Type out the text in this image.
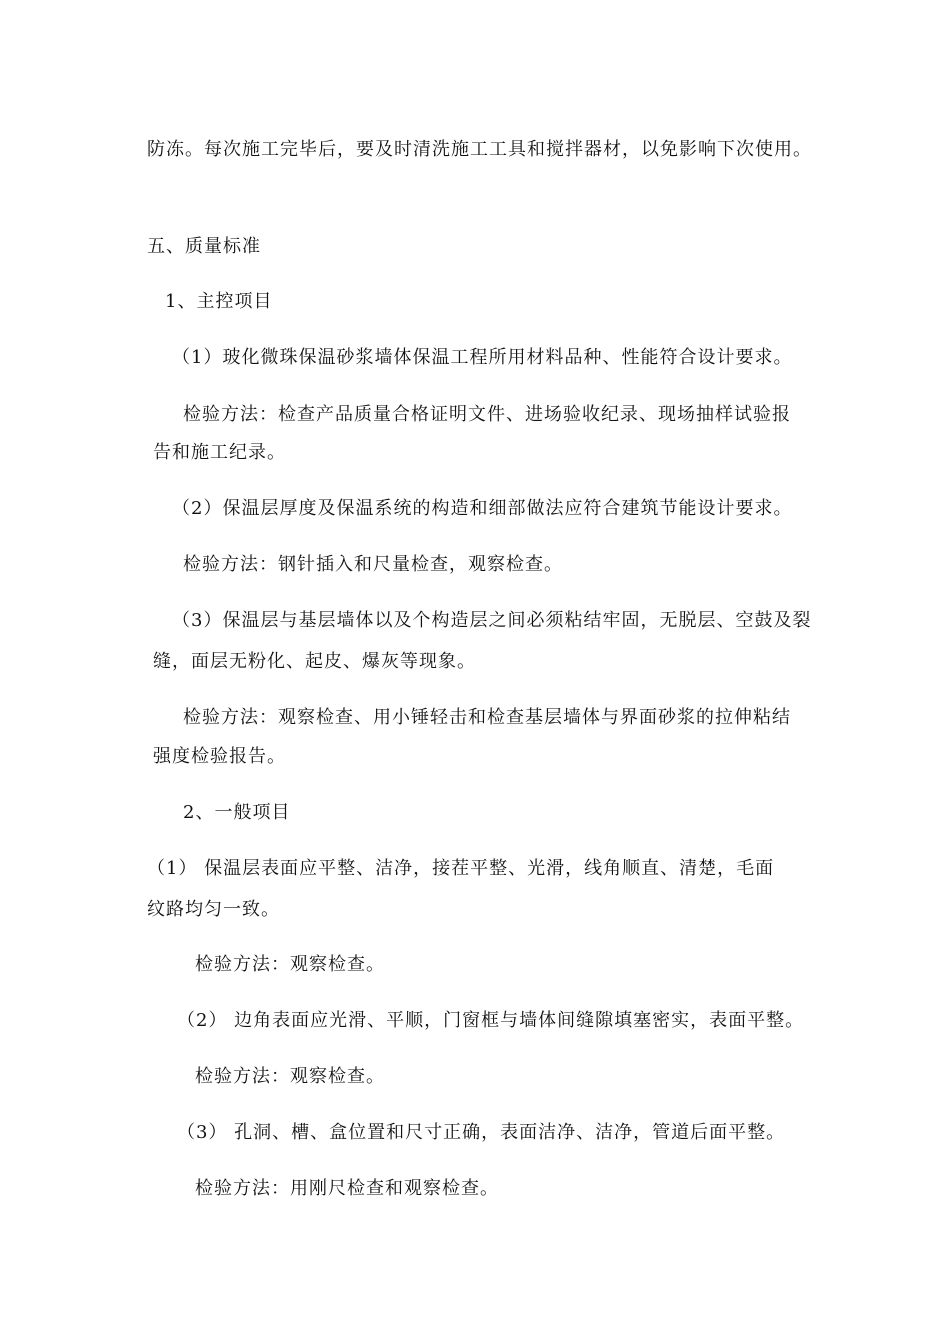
防冻。每次施工完毕后，要及时清洗施工工具和搅拌器材，以免影响下次使用。
五、质量标准
1、主控项目
（1）玻化微珠保温砂浆墙体保温工程所用材料品种、性能符合设计要求。
检验方法：检查产品质量合格证明文件、进场验收纪录、现场抽样试验报
告和施工纪录。
（2）保温层厚度及保温系统的构造和细部做法应符合建筑节能设计要求。
检验方法：钢针插入和尺量检查，观察检查。
（3）保温层与基层墙体以及个构造层之间必须粘结牢固，无脱层、空鼓及裂
缝，面层无粉化、起皮、爆灰等现象。
检验方法：观察检查、用小锤轻击和检查基层墙体与界面砂浆的拉伸粘结
强度检验报告。
2、一般项目
（1） 保温层表面应平整、洁净，接茬平整、光滑，线角顺直、清楚，毛面
纹路均匀一致。
检验方法：观察检查。
（2） 边角表面应光滑、平顺，门窗框与墙体间缝隙填塞密实，表面平整。
检验方法：观察检查。
（3） 孔洞、槽、盒位置和尺寸正确，表面洁净、洁净，管道后面平整。
检验方法：用刚尺检查和观察检查。
